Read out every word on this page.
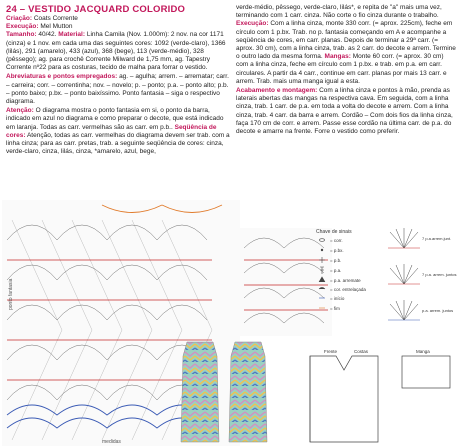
24 – VESTIDO JACQUARD COLORIDO
Criação: Coats Corrente
Execução: Mel Mutton

Tamanho: 40/42. Material: Linha Camila (Nov. 1.000m): 2 nov. na cor 1171 (cinza) e 1 nov. em cada uma das seguintes cores: 1092 (verde-claro), 1366 (lilás), 291 (amarelo), 433 (azul), 368 (bege), 113 (verde-médio), 328 (pêssego); ag. para crochê Corrente Milward de 1,75 mm, ag. Tapestry Corrente nº22 para as costuras, tecido de malha para forrar o vestido.

Abreviaturas e pontos empregados: ag. – agulha; arrem. – arrematar; carr. – carreira; corr. – correntinha; nov. – novelo; p. – ponto; p.a. – ponto alto; p.b. – ponto baixo; p.bx. – ponto baixíssimo. Ponto fantasia – siga o respectivo diagrama.

Atenção: O diagrama mostra o ponto fantasia em si, o ponto da barra, indicado em azul no diagrama e como preparar o decote, que está indicado em laranja. Todas as carr. vermelhas são as carr. em p.b.. Seqüência de cores: Atenção, todas as carr. vermelhas do diagrama devem ser trab. com a linha cinza; para as carr. pretas, trab. a seguinte seqüência de cores: cinza, verde-claro, cinza, lilás, cinza, *amarelo, azul, bege,

verde-médio, pêssego, verde-claro, lilás*, e repita de "a" mais uma vez, terminando com 1 carr. cinza. Não corte o fio cinza durante o trabalho. Execução: Com a linha cinza, monte 330 corr. (= aprox. 225cm), feche em círculo com 1 p.bx. Trab. no p. fantasia começando em A e acompanhe a seqüência de cores, em carr. planas. Depois de terminar a 29ª carr. (= aprox. 30 cm), com a linha cinza, trab. as 2 carr. do decote e arrem. Termine o outro lado da mesma forma. Mangas: Monte 60 corr. (= aprox. 30 cm) com a linha cinza, feche em círculo com 1 p.bx. e trab. em p.a. em carr. circulares. A partir da 4 carr., continue em carr. planas por mais 13 carr. e arrem. Trab. mais uma manga igual a esta.

Acabamento e montagem: Com a linha cinza e pontos à mão, prenda as laterais abertas das mangas na respectiva cava. Em seguida, com a linha cinza, trab. 1 carr. de p.a. em toda a volta do decote e arrem. Com a linha cinza, trab. 4 carr. da barra e arrem. Cordão – Com dois fios da linha cinza, faça 170 cm de corr. e arrem. Passe esse cordão na última carr. de p.a. do decote e amarre na frente. Forre o vestido como preferir.

ponto fantasia
medidas
Chave de sinais
= corr.
= p.bx.
= p.b.
= p.a.
= p.a. arremate
= cor. entrelaçada
= início
= fim
7 p.a.arrem.junt.
7 p.a. arrem. juntos
p.a. arrem. juntos
Frente	Costas	Manga
